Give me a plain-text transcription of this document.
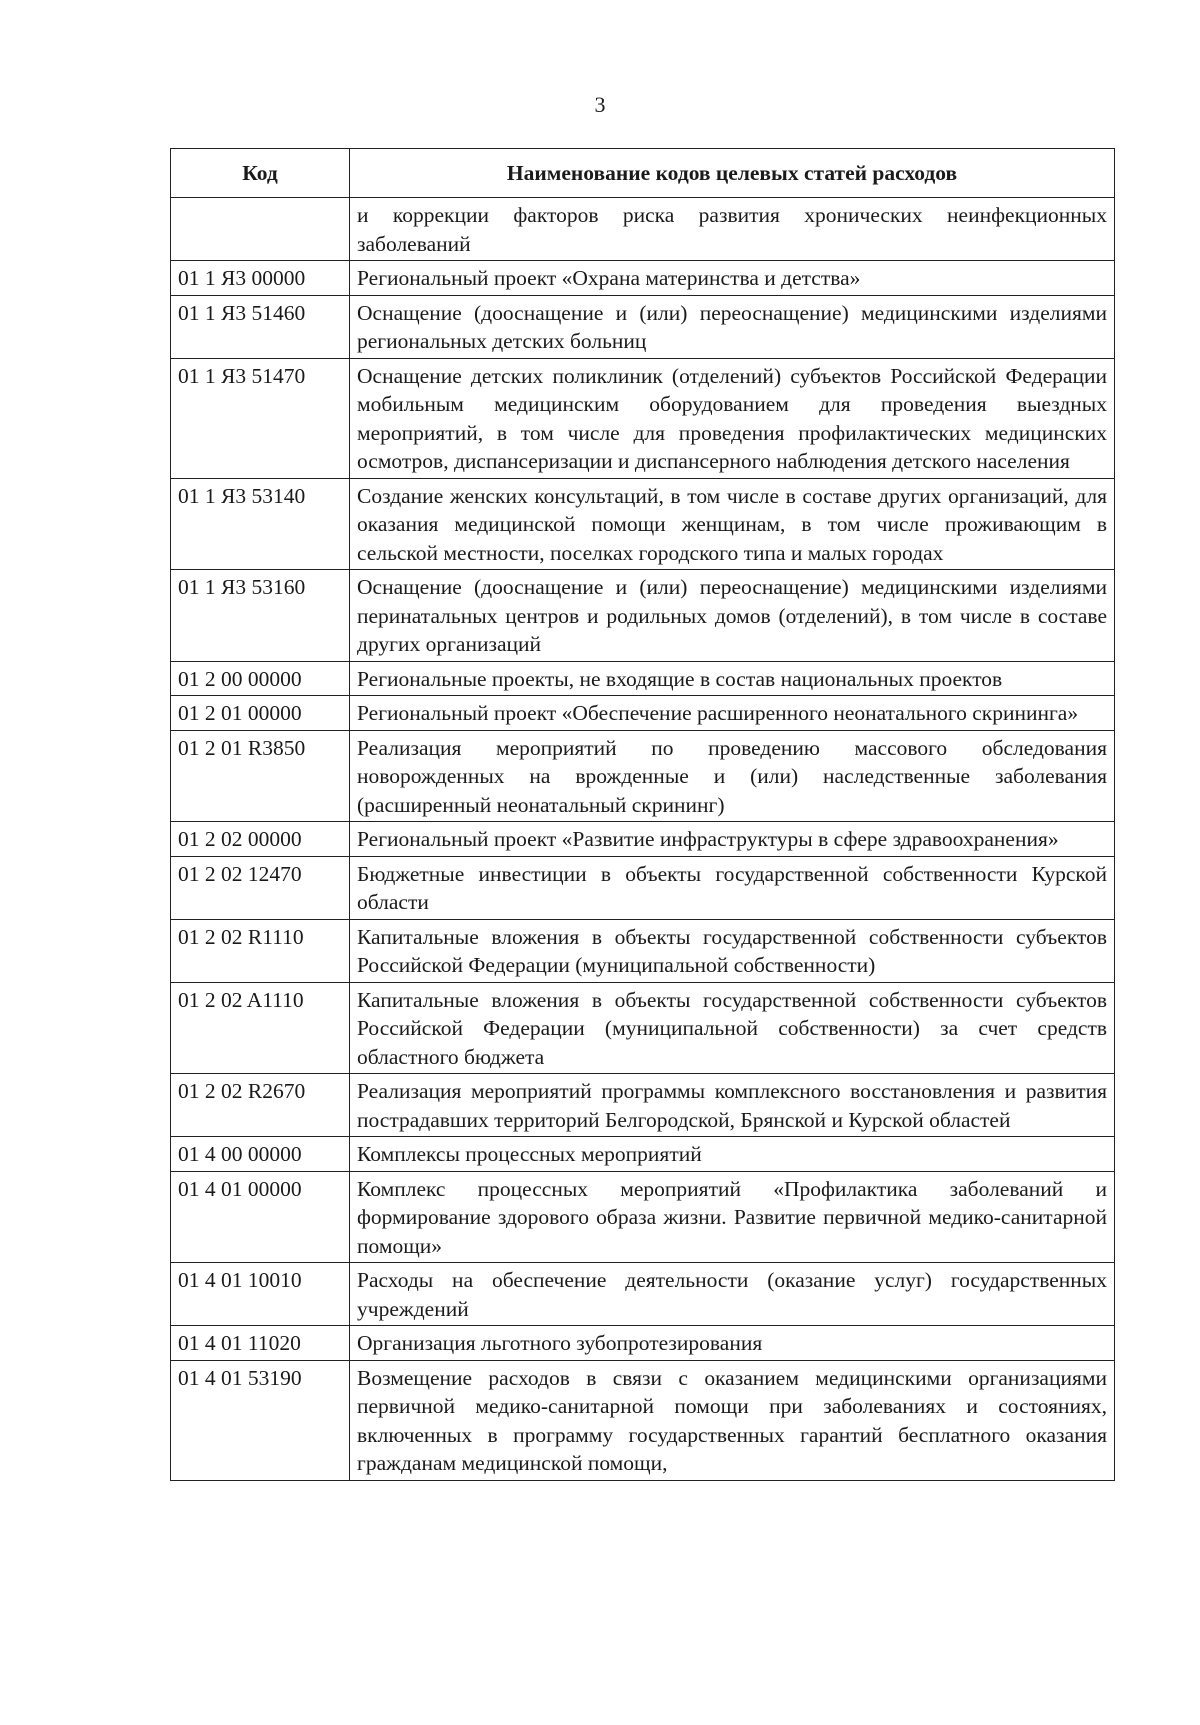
3
Код	Наименование кодов целевых статей расходов
	и коррекции факторов риска развития хронических неинфекционных заболеваний
01 1 Я3 00000	Региональный проект «Охрана материнства и детства»
01 1 Я3 51460	Оснащение (дооснащение и (или) переоснащение) медицинскими изделиями региональных детских больниц
01 1 Я3 51470	Оснащение детских поликлиник (отделений) субъектов Российской Федерации мобильным медицинским оборудованием для проведения выездных мероприятий, в том числе для проведения профилактических медицинских осмотров, диспансеризации и диспансерного наблюдения детского населения
01 1 Я3 53140	Создание женских консультаций, в том числе в составе других организаций, для оказания медицинской помощи женщинам, в том числе проживающим в сельской местности, поселках городского типа и малых городах
01 1 Я3 53160	Оснащение (дооснащение и (или) переоснащение) медицинскими изделиями перинатальных центров и родильных домов (отделений), в том числе в составе других организаций
01 2 00 00000	Региональные проекты, не входящие в состав национальных проектов
01 2 01 00000	Региональный проект «Обеспечение расширенного неонатального скрининга»
01 2 01 R3850	Реализация мероприятий по проведению массового обследования новорожденных на врожденные и (или) наследственные заболевания (расширенный неонатальный скрининг)
01 2 02 00000	Региональный проект «Развитие инфраструктуры в сфере здравоохранения»
01 2 02 12470	Бюджетные инвестиции в объекты государственной собственности Курской области
01 2 02 R1110	Капитальные вложения в объекты государственной собственности субъектов Российской Федерации (муниципальной собственности)
01 2 02 A1110	Капитальные вложения в объекты государственной собственности субъектов Российской Федерации (муниципальной собственности) за счет средств областного бюджета
01 2 02 R2670	Реализация мероприятий программы комплексного восстановления и развития пострадавших территорий Белгородской, Брянской и Курской областей
01 4 00 00000	Комплексы процессных мероприятий
01 4 01 00000	Комплекс процессных мероприятий «Профилактика заболеваний и формирование здорового образа жизни. Развитие первичной медико-санитарной помощи»
01 4 01 10010	Расходы на обеспечение деятельности (оказание услуг) государственных учреждений
01 4 01 11020	Организация льготного зубопротезирования
01 4 01 53190	Возмещение расходов в связи с оказанием медицинскими организациями первичной медико-санитарной помощи при заболеваниях и состояниях, включенных в программу государственных гарантий бесплатного оказания гражданам медицинской помощи,
